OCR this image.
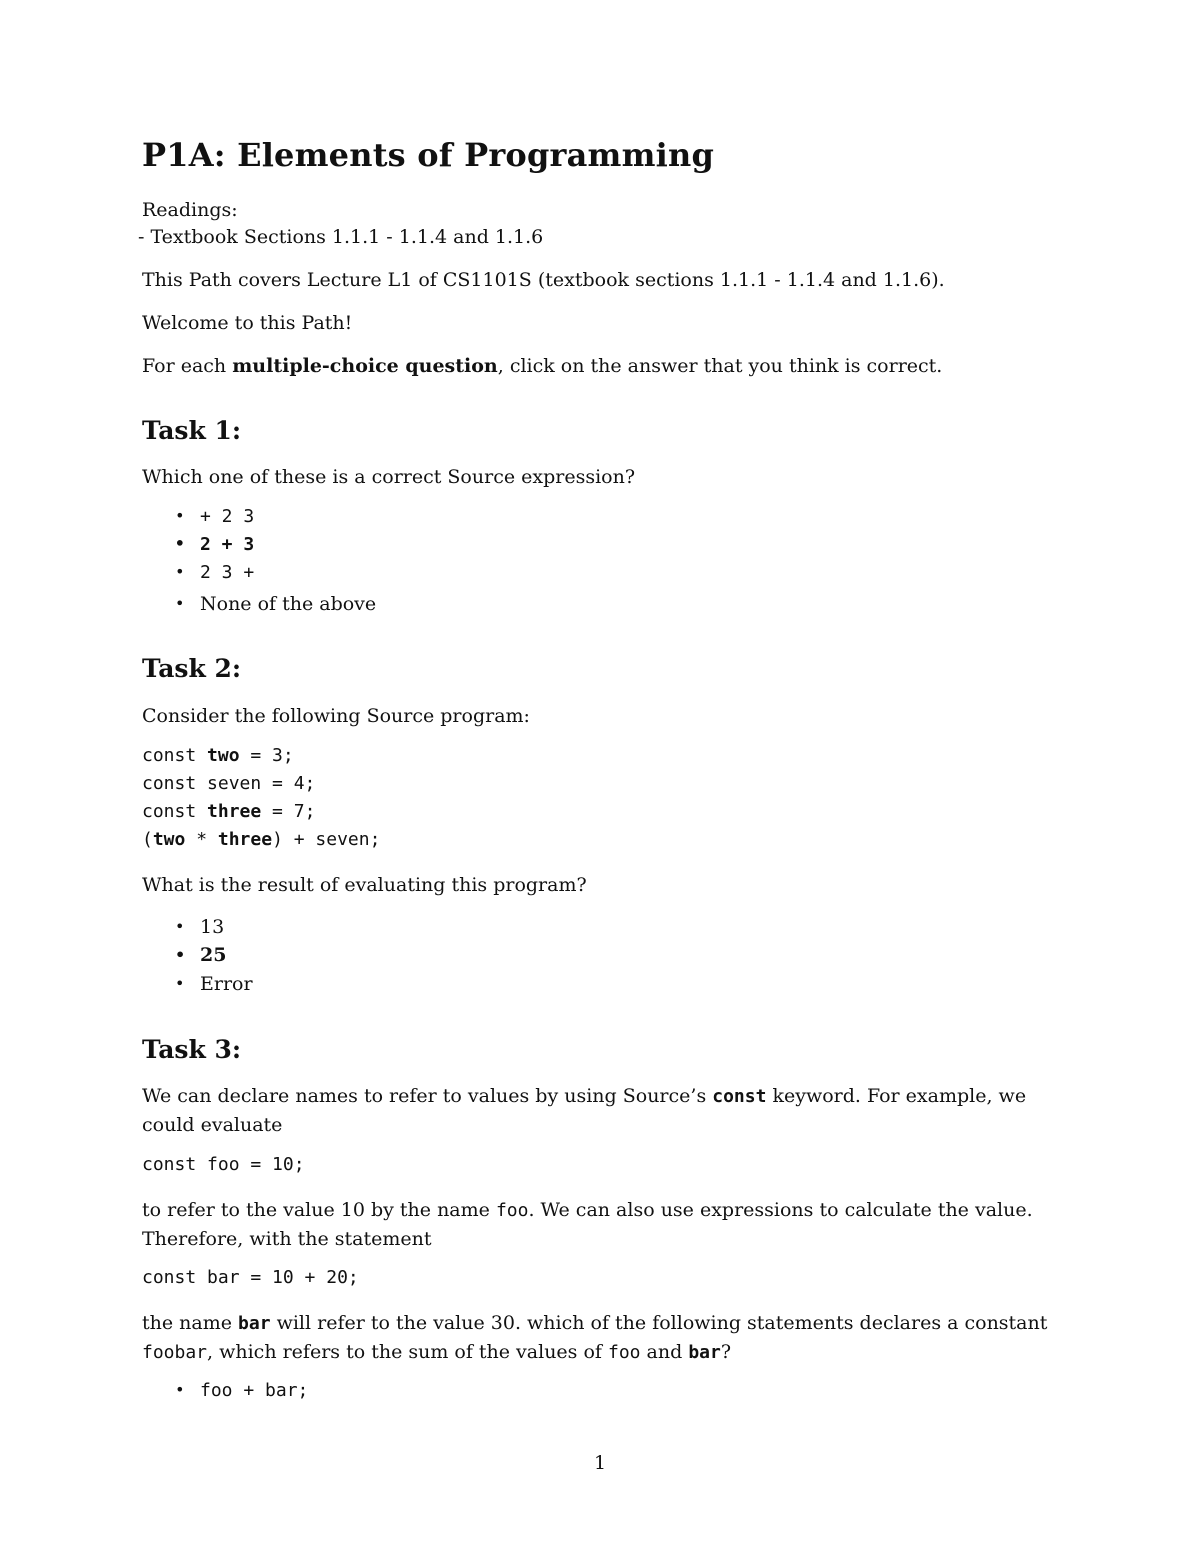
P1A: Elements of Programming
Readings:
- Textbook Sections 1.1.1 - 1.1.4 and 1.1.6
This Path covers Lecture L1 of CS1101S (textbook sections 1.1.1 - 1.1.4 and 1.1.6).
Welcome to this Path!
For each multiple-choice question, click on the answer that you think is correct.
Task 1:
Which one of these is a correct Source expression?
• + 2 3
• 2 + 3
• 2 3 +
• None of the above
Task 2:
Consider the following Source program:
const two = 3;
const seven = 4;
const three = 7;
(two * three) + seven;
What is the result of evaluating this program?
• 13
• 25
• Error
Task 3:
We can declare names to refer to values by using Source’s const keyword. For example, we could evaluate
const foo = 10;
to refer to the value 10 by the name foo. We can also use expressions to calculate the value. Therefore, with the statement
const bar = 10 + 20;
the name bar will refer to the value 30. which of the following statements declares a constant foobar, which refers to the sum of the values of foo and bar?
• foo + bar;
1
